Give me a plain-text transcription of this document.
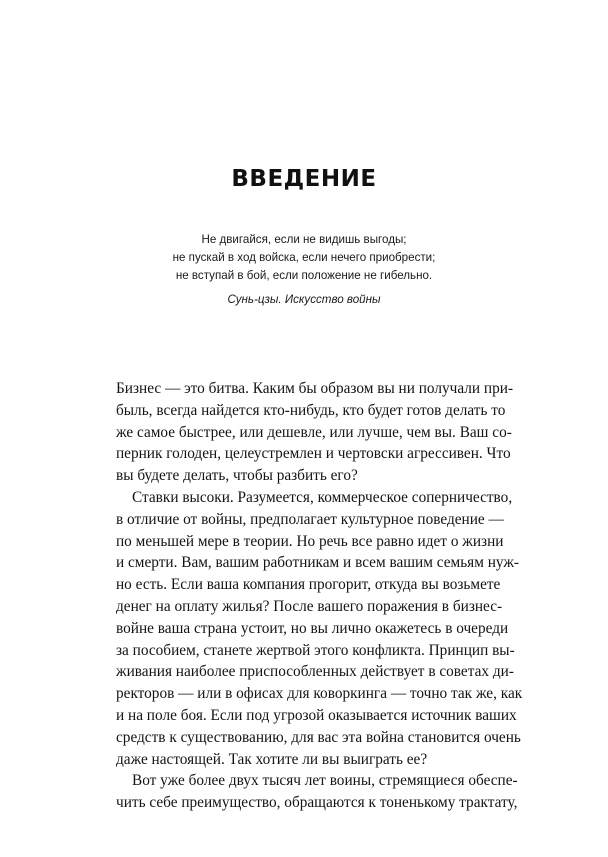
ВВЕДЕНИЕ
Не двигайся, если не видишь выгоды;
не пускай в ход войска, если нечего приобрести;
не вступай в бой, если положение не гибельно.
Сунь-цзы. Искусство войны
Бизнес — это битва. Каким бы образом вы ни получали при-
быль, всегда найдется кто-нибудь, кто будет готов делать то
же самое быстрее, или дешевле, или лучше, чем вы. Ваш со-
перник голоден, целеустремлен и чертовски агрессивен. Что
вы будете делать, чтобы разбить его?
Ставки высоки. Разумеется, коммерческое соперничество,
в отличие от войны, предполагает культурное поведение —
по меньшей мере в теории. Но речь все равно идет о жизни
и смерти. Вам, вашим работникам и всем вашим семьям нуж-
но есть. Если ваша компания прогорит, откуда вы возьмете
денег на оплату жилья? После вашего поражения в бизнес-
войне ваша страна устоит, но вы лично окажетесь в очереди
за пособием, станете жертвой этого конфликта. Принцип вы-
живания наиболее приспособленных действует в советах ди-
ректоров — или в офисах для коворкинга — точно так же, как
и на поле боя. Если под угрозой оказывается источник ваших
средств к существованию, для вас эта война становится очень
даже настоящей. Так хотите ли вы выиграть ее?
Вот уже более двух тысяч лет воины, стремящиеся обеспе-
чить себе преимущество, обращаются к тоненькому трактату,
